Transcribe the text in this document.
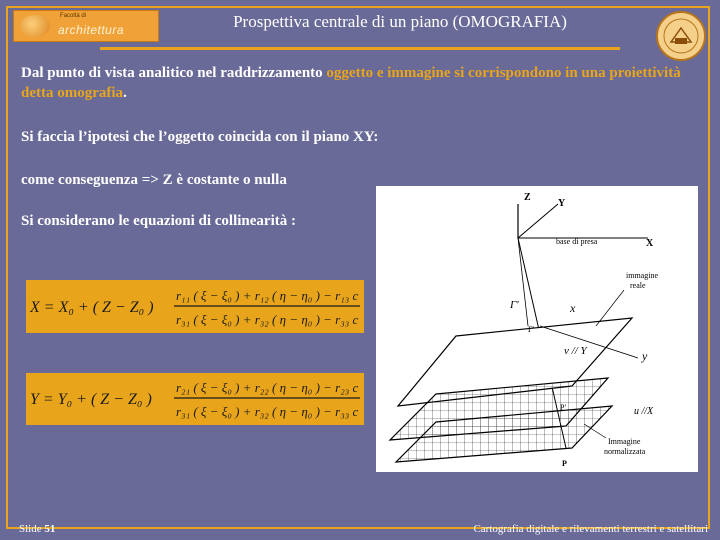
Facoltà di
architettura	Prospettiva centrale di un piano (OMOGRAFIA)
Dal punto di vista analitico nel raddrizzamento oggetto e immagine si corrispondono in una proiettività detta omografia.
Si faccia l’ipotesi che l’oggetto coincida con il piano XY:
come conseguenza => Z è costante o nulla
Si considerano le equazioni di collinearità :
X = X₀ + ( Z − Z₀ )
r₁₁ ( ξ − ξ₀ ) + r₁₂ ( η − η₀ ) − r₁₃ c
r₃₁ ( ξ − ξ₀ ) + r₃₂ ( η − η₀ ) − r₃₃ c
Y = Y₀ + ( Z − Z₀ )
r₂₁ ( ξ − ξ₀ ) + r₂₂ ( η − η₀ ) − r₂₃ c
r₃₁ ( ξ − ξ₀ ) + r₃₂ ( η − η₀ ) − r₃₃ c
Z
Y
base di presa	X
immagine
reale
Γ'	x
Γ'
v // Y	y
P'	u //X
Immagine
normalizzata
P
Slide 51	Cartografia digitale e rilevamenti terrestri e satellitari
